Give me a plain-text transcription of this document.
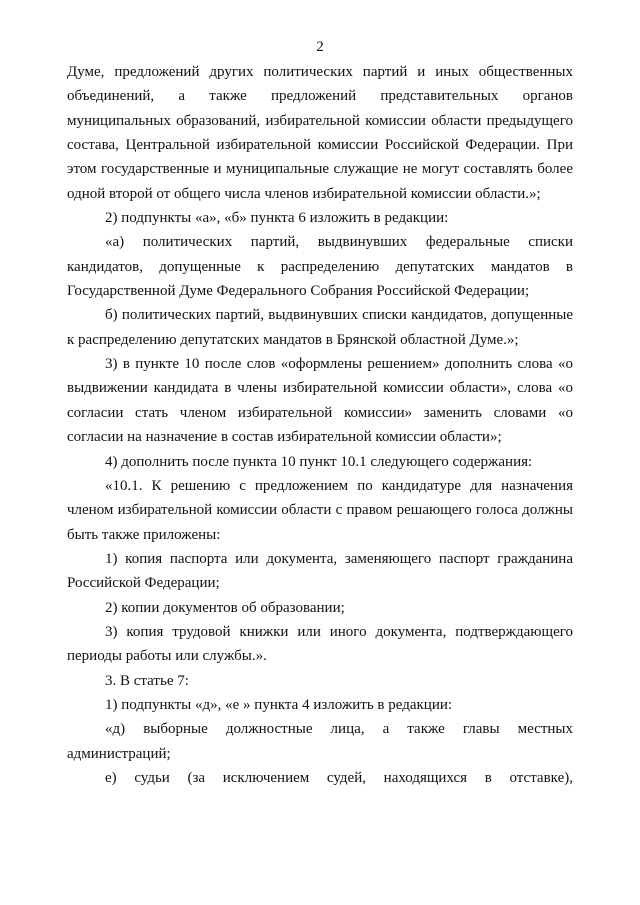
2

Думе, предложений других политических партий и иных общественных объединений, а также предложений представительных органов муниципальных образований, избирательной комиссии области предыдущего состава, Центральной избирательной комиссии Российской Федерации. При этом государственные и муниципальные служащие не могут составлять более одной второй от общего числа членов избирательной комиссии области.»;

2) подпункты «а», «б» пункта 6 изложить в редакции:

«а) политических партий, выдвинувших федеральные списки кандидатов, допущенные к распределению депутатских мандатов в Государственной Думе Федерального Собрания Российской Федерации;

б) политических партий, выдвинувших списки кандидатов, допущенные к распределению депутатских мандатов в Брянской областной Думе.»;

3) в пункте 10 после слов «оформлены решением» дополнить слова «о выдвижении кандидата в члены избирательной комиссии области», слова «о согласии стать членом избирательной комиссии» заменить словами «о согласии на назначение в состав избирательной комиссии области»;

4) дополнить после пункта 10 пункт 10.1 следующего содержания:

«10.1. К решению с предложением по кандидатуре для назначения членом избирательной комиссии области с правом решающего голоса должны быть также приложены:

1) копия паспорта или документа, заменяющего паспорт гражданина Российской Федерации;

2) копии документов об образовании;

3) копия трудовой книжки или иного документа, подтверждающего периоды работы или службы.».

3. В статье 7:

1) подпункты «д», «е » пункта 4 изложить в редакции:

«д) выборные должностные лица, а также главы местных администраций;

е) судьи (за исключением судей, находящихся в отставке),
